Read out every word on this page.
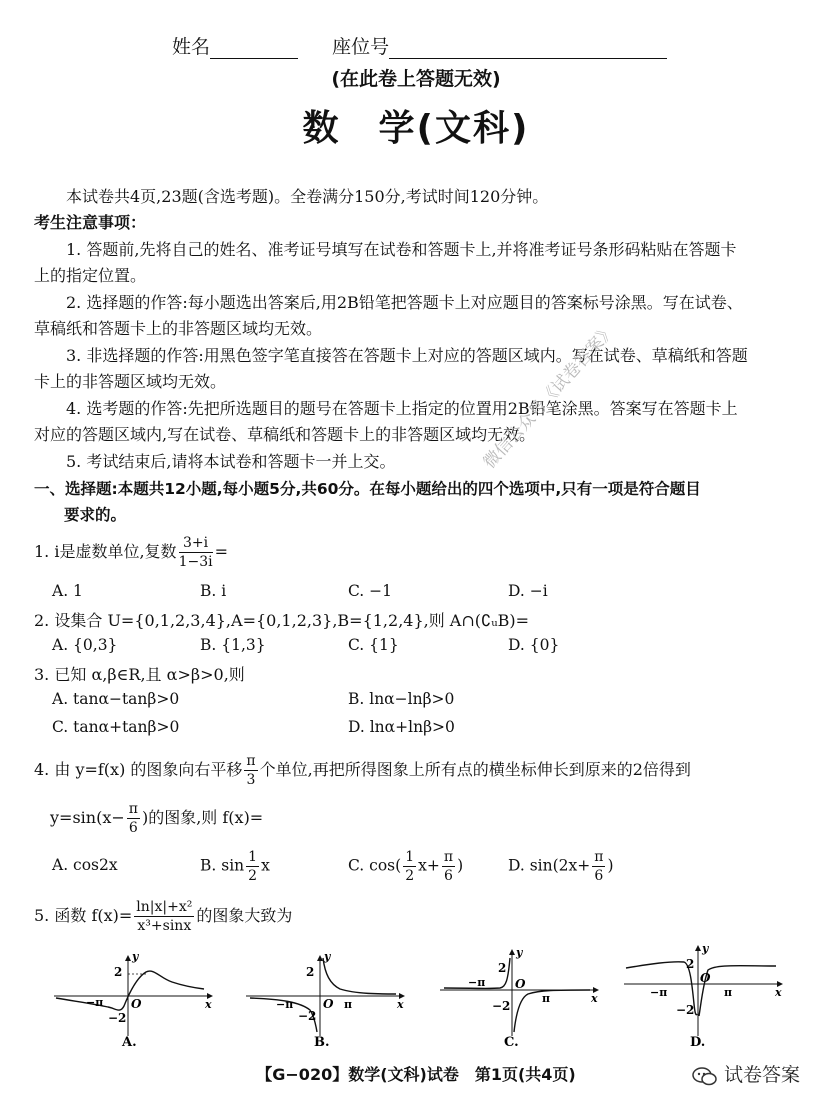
姓名	座位号
(在此卷上答题无效)
数　学(文科)
本试卷共4页,23题(含选考题)。全卷满分150分,考试时间120分钟。
考生注意事项：
1. 答题前,先将自己的姓名、准考证号填写在试卷和答题卡上,并将准考证号条形码粘贴在答题卡
上的指定位置。
2. 选择题的作答:每小题选出答案后,用2B铅笔把答题卡上对应题目的答案标号涂黑。写在试卷、
草稿纸和答题卡上的非答题区域均无效。
3. 非选择题的作答:用黑色签字笔直接答在答题卡上对应的答题区域内。写在试卷、草稿纸和答题
卡上的非答题区域均无效。
4. 选考题的作答:先把所选题目的题号在答题卡上指定的位置用2B铅笔涂黑。答案写在答题卡上
对应的答题区域内,写在试卷、草稿纸和答题卡上的非答题区域均无效。
5. 考试结束后,请将本试卷和答题卡一并上交。
一、选择题:本题共12小题,每小题5分,共60分。在每小题给出的四个选项中,只有一项是符合题目
要求的。
微信公众号《试卷答案》
1. i是虚数单位,复数 $\frac{3+i}{1-3i}$ =
A. 1	B. i	C. −1	D. −i
2. 设集合 U={0,1,2,3,4},A={0,1,2,3},B={1,2,4},则 A∩(∁ᵤB)=
A. {0,3}	B. {1,3}	C. {1}	D. {0}
3. 已知 α,β∈R,且 α>β>0,则
A. tanα−tanβ>0	B. lnα−lnβ>0
C. tanα+tanβ>0	D. lnα+lnβ>0
4. 由 y=f(x) 的图象向右平移 $\frac{\pi}{3}$ 个单位,再把所得图象上所有点的横坐标伸长到原来的2倍得到
$y=\sin(x- \frac{\pi}{6}$ )的图象,则 f(x)=
A. cos2x	B. $\sin \frac{1}{2}$ x	C. $\cos( \frac{1}{2} x+ \frac{\pi}{6}$ )	D. $\sin(2x+ \frac{\pi}{6}$ )
5. 函数 $f(x)= \frac{\text{ln|x|+x²}}{\text{x³+sinx}}$ 的图象大致为
2
−2
−π O
y
x
A.
2
−2
−π	π
O
y
x
B.
2
−2
−π
π
O
y
x
C.
2
−2
−π	π
O
y
x
D.
【G−020】数学(文科)试卷　第1页(共4页)	试卷答案
